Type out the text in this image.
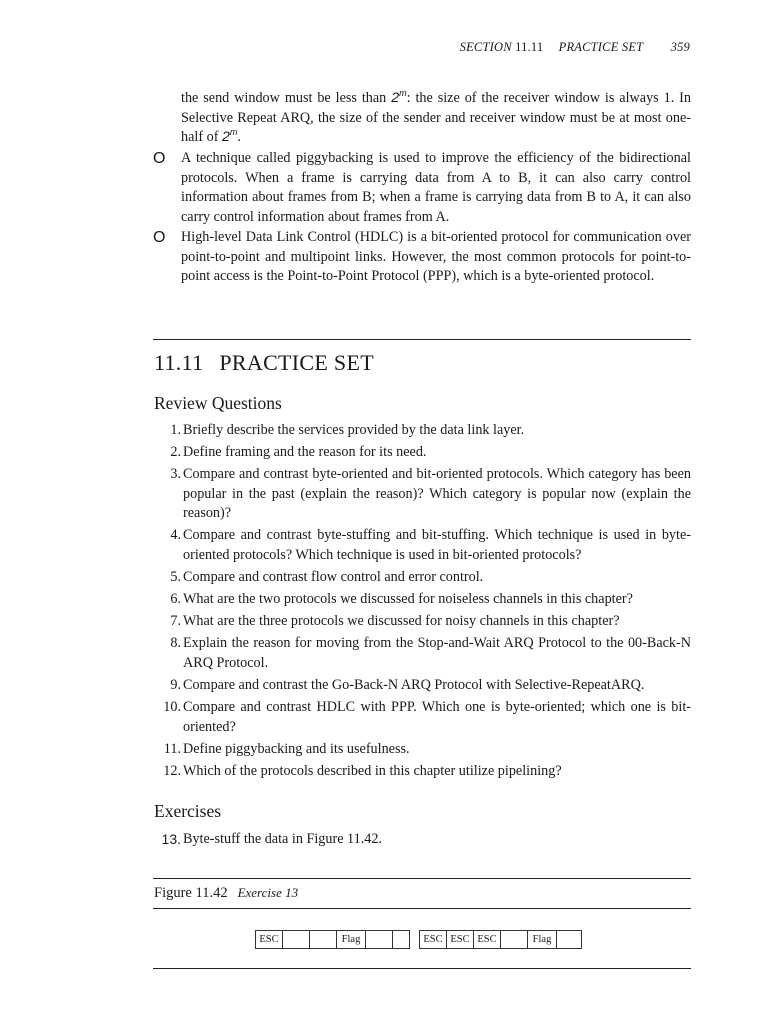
SECTION 11.11 PRACTICE SET 359
the send window must be less than 2$^m$: the size of the receiver window is always 1. In Selective Repeat ARQ, the size of the sender and receiver window must be at most one-half of 2$^m$.
O A technique called piggybacking is used to improve the efficiency of the bidirectional protocols. When a frame is carrying data from A to B, it can also carry control information about frames from B; when a frame is carrying data from B to A, it can also carry control information about frames from A.
O High-level Data Link Control (HDLC) is a bit-oriented protocol for communication over point-to-point and multipoint links. However, the most common protocols for point-to-point access is the Point-to-Point Protocol (PPP), which is a byte-oriented protocol.
11.11 PRACTICE SET
Review Questions
1. Briefly describe the services provided by the data link layer.
2. Define framing and the reason for its need.
3. Compare and contrast byte-oriented and bit-oriented protocols. Which category has been popular in the past (explain the reason)? Which category is popular now (explain the reason)?
4. Compare and contrast byte-stuffing and bit-stuffing. Which technique is used in byte-oriented protocols? Which technique is used in bit-oriented protocols?
5. Compare and contrast flow control and error control.
6. What are the two protocols we discussed for noiseless channels in this chapter?
7. What are the three protocols we discussed for noisy channels in this chapter?
8. Explain the reason for moving from the Stop-and-Wait ARQ Protocol to the 00-Back-N ARQ Protocol.
9. Compare and contrast the Go-Back-N ARQ Protocol with Selective-RepeatARQ.
10. Compare and contrast HDLC with PPP. Which one is byte-oriented; which one is bit-oriented?
11. Define piggybacking and its usefulness.
12. Which of the protocols described in this chapter utilize pipelining?
Exercises
13. Byte-stuff the data in Figure 11.42.
Figure 11.42 Exercise 13
ESC	Flag	ESC ESC ESC	Flag
